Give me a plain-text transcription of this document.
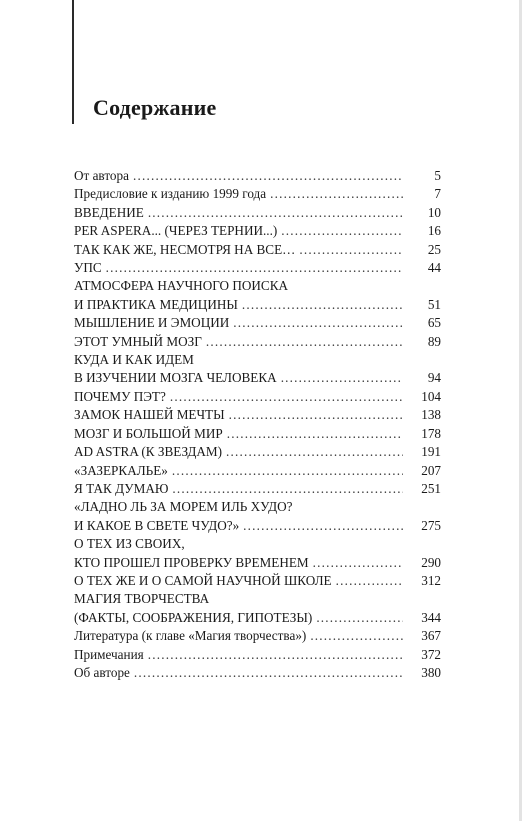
Содержание
От автора .....	5
Предисловие к изданию 1999 года .....	7
ВВЕДЕНИЕ .....	10
PER ASPERA... (ЧЕРЕЗ ТЕРНИИ...) .....	16
ТАК КАК ЖЕ, НЕСМОТРЯ НА ВСЕ… .....	25
УПС .....	44
АТМОСФЕРА НАУЧНОГО ПОИСКА
И ПРАКТИКА МЕДИЦИНЫ .....	51
МЫШЛЕНИЕ И ЭМОЦИИ .....	65
ЭТОТ УМНЫЙ МОЗГ .....	89
КУДА И КАК ИДЕМ
В ИЗУЧЕНИИ МОЗГА ЧЕЛОВЕКА .....	94
ПОЧЕМУ ПЭТ? .....	104
ЗАМОК НАШЕЙ МЕЧТЫ .....	138
МОЗГ И БОЛЬШОЙ МИР .....	178
AD ASTRA (К ЗВЕЗДАМ) .....	191
«ЗАЗЕРКАЛЬЕ» .....	207
Я ТАК ДУМАЮ .....	251
«ЛАДНО ЛЬ ЗА МОРЕМ ИЛЬ ХУДО?
И КАКОЕ В СВЕТЕ ЧУДО?» .....	275
О ТЕХ ИЗ СВОИХ,
КТО ПРОШЕЛ ПРОВЕРКУ ВРЕМЕНЕМ .....	290
О ТЕХ ЖЕ И О САМОЙ НАУЧНОЙ ШКОЛЕ .....	312
МАГИЯ ТВОРЧЕСТВА
(ФАКТЫ, СООБРАЖЕНИЯ, ГИПОТЕЗЫ) .....	344
Литература (к главе «Магия творчества») .....	367
Примечания .....	372
Об авторе .....	380
